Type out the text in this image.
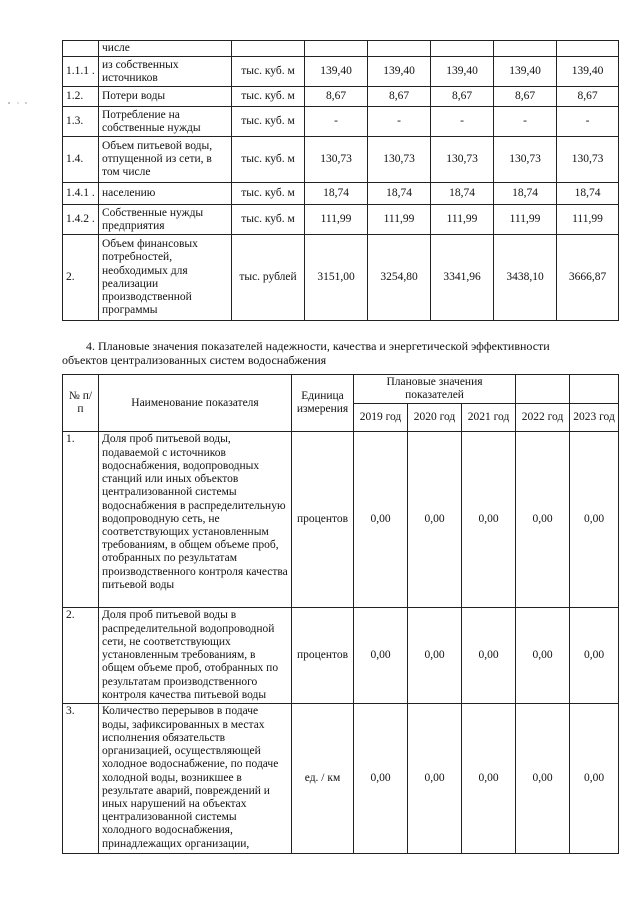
	числе						
1.1.1 .	из собственных источников	тыс. куб. м	139,40	139,40	139,40	139,40	139,40
1.2.	Потери воды	тыс. куб. м	8,67	8,67	8,67	8,67	8,67
1.3.	Потребление на собственные нужды	тыс. куб. м	-	-	-	-	-
1.4.	Объем питьевой воды, отпущенной из сети, в том числе	тыс. куб. м	130,73	130,73	130,73	130,73	130,73
1.4.1 .	населению	тыс. куб. м	18,74	18,74	18,74	18,74	18,74
1.4.2 .	Собственные нужды предприятия	тыс. куб. м	111,99	111,99	111,99	111,99	111,99
2.	Объем финансовых потребностей, необходимых для реализации производственной программы	тыс. рублей	3151,00	3254,80	3341,96	3438,10	3666,87
4. Плановые значения показателей надежности, качества и энергетической эффективности
объектов централизованных систем водоснабжения
№ п/п	Наименование показателя	Единица измерения	Плановые значения показателей				
			2019 год	2020 год	2021 год	2022 год	2023 год
1.	Доля проб питьевой воды, подаваемой с источников водоснабжения, водопроводных станций или иных объектов централизованной системы водоснабжения в распределительную водопроводную сеть, не соответствующих установленным требованиям, в общем объеме проб, отобранных по результатам производственного контроля качества питьевой воды	процентов	0,00	0,00	0,00	0,00	0,00
2.	Доля проб питьевой воды в распределительной водопроводной сети, не соответствующих установленным требованиям, в общем объеме проб, отобранных по результатам производственного контроля качества питьевой воды	процентов	0,00	0,00	0,00	0,00	0,00
3.	Количество перерывов в подаче воды, зафиксированных в местах исполнения обязательств организацией, осуществляющей холодное водоснабжение, по подаче холодной воды, возникшее в результате аварий, повреждений и иных нарушений на объектах централизованной системы холодного водоснабжения, принадлежащих организации,	ед. / км	0,00	0,00	0,00	0,00	0,00
